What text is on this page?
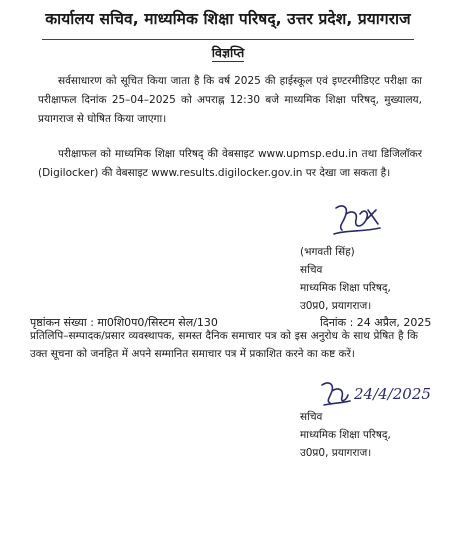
कार्यालय सचिव, माध्यमिक शिक्षा परिषद्, उत्तर प्रदेश, प्रयागराज
विज्ञप्ति
सर्वसाधारण को सूचित किया जाता है कि वर्ष 2025 की हाईस्कूल एवं इण्टरमीडिएट परीक्षा का परीक्षाफल दिनांक 25–04–2025 को अपराह्न 12:30 बजे माध्यमिक शिक्षा परिषद्, मुख्यालय, प्रयागराज से घोषित किया जाएगा।
परीक्षाफल को माध्यमिक शिक्षा परिषद् की वेबसाइट www.upmsp.edu.in तथा डिजिलॉकर (Digilocker) की वेबसाइट www.results.digilocker.gov.in पर देखा जा सकता है।
(भगवती सिंह)
सचिव
माध्यमिक शिक्षा परिषद्,
उ0प्र0, प्रयागराज।
पृष्ठांकन संख्या : मा0शि0प0/सिस्टम सेल/130	दिनांक : 24 अप्रैल, 2025
प्रतिलिपि–सम्पादक/प्रसार व्यवस्थापक, समस्त दैनिक समाचार पत्र को इस अनुरोध के साथ प्रेषित है कि उक्त सूचना को जनहित में अपने सम्मानित समाचार पत्र में प्रकाशित करने का कष्ट करें।
24/4/2025
सचिव
माध्यमिक शिक्षा परिषद्,
उ0प्र0, प्रयागराज।
